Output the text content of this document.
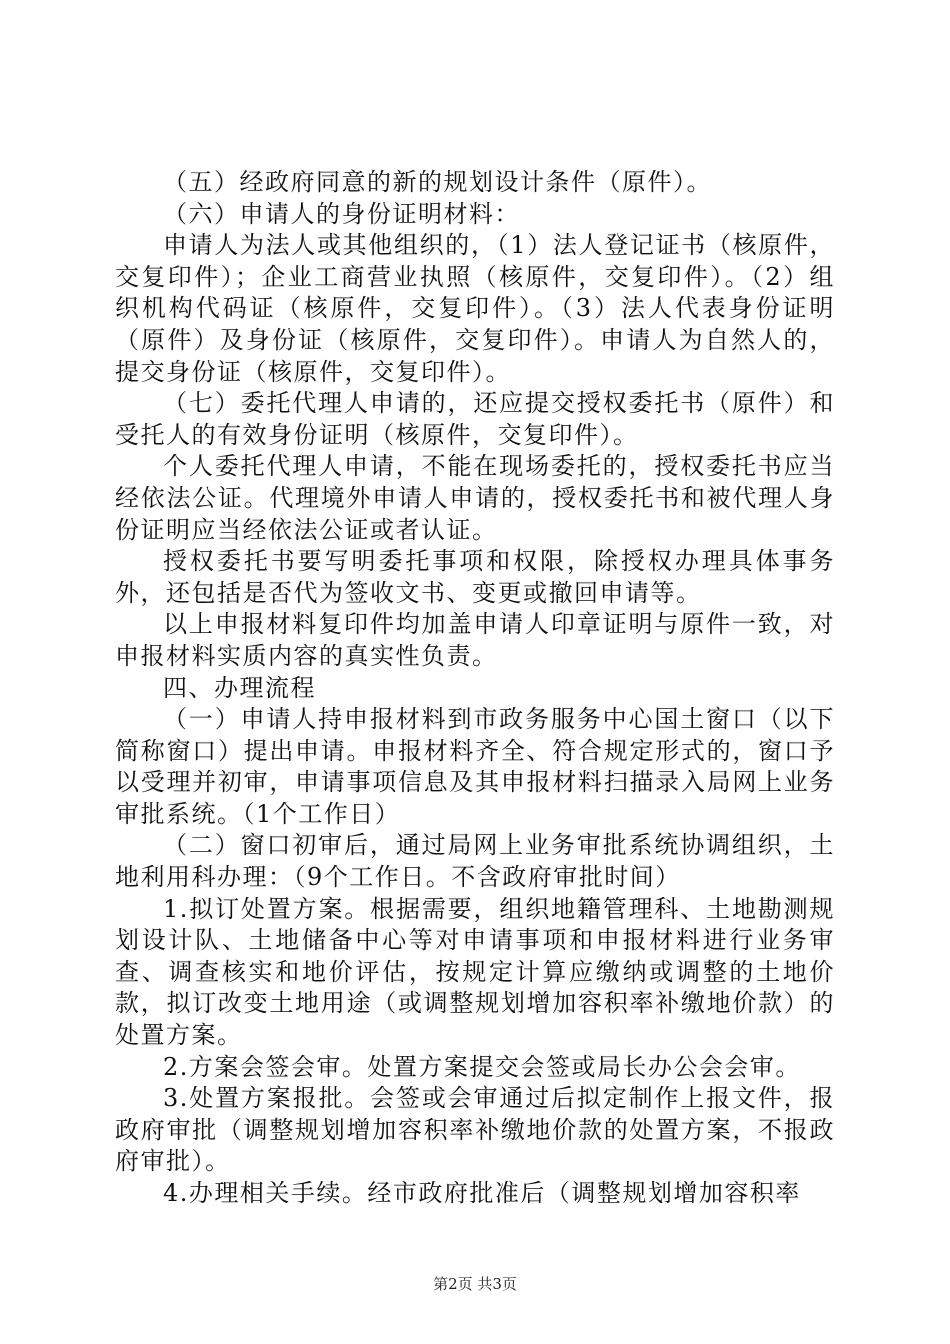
（五）经政府同意的新的规划设计条件（原件）。

（六）申请人的身份证明材料：

申请人为法人或其他组织的，（1）法人登记证书（核原件，交复印件）；企业工商营业执照（核原件，交复印件）。（2）组织机构代码证（核原件，交复印件）。（3）法人代表身份证明（原件）及身份证（核原件，交复印件）。申请人为自然人的，提交身份证（核原件，交复印件）。

（七）委托代理人申请的，还应提交授权委托书（原件）和受托人的有效身份证明（核原件，交复印件）。

个人委托代理人申请，不能在现场委托的，授权委托书应当经依法公证。代理境外申请人申请的，授权委托书和被代理人身份证明应当经依法公证或者认证。

授权委托书要写明委托事项和权限，除授权办理具体事务外，还包括是否代为签收文书、变更或撤回申请等。

以上申报材料复印件均加盖申请人印章证明与原件一致，对申报材料实质内容的真实性负责。

四、办理流程

（一）申请人持申报材料到市政务服务中心国土窗口（以下简称窗口）提出申请。申报材料齐全、符合规定形式的，窗口予以受理并初审，申请事项信息及其申报材料扫描录入局网上业务审批系统。（1个工作日）

（二）窗口初审后，通过局网上业务审批系统协调组织，土地利用科办理：（9个工作日。不含政府审批时间）

1.拟订处置方案。根据需要，组织地籍管理科、土地勘测规划设计队、土地储备中心等对申请事项和申报材料进行业务审查、调查核实和地价评估，按规定计算应缴纳或调整的土地价款，拟订改变土地用途（或调整规划增加容积率补缴地价款）的处置方案。

2.方案会签会审。处置方案提交会签或局长办公会会审。

3.处置方案报批。会签或会审通过后拟定制作上报文件，报政府审批（调整规划增加容积率补缴地价款的处置方案，不报政府审批）。

4.办理相关手续。经市政府批准后（调整规划增加容积率

第2页 共3页
